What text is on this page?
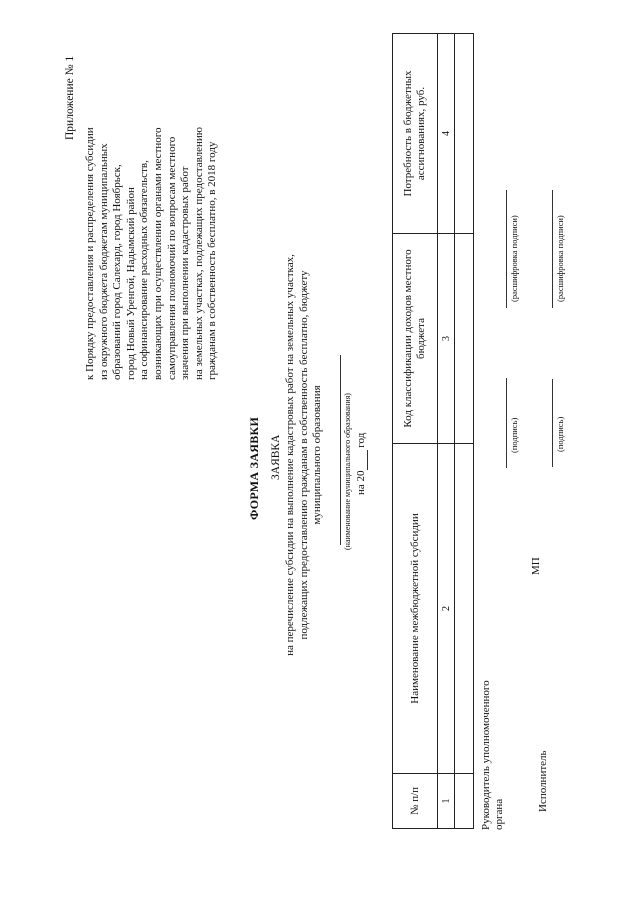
Приложение № 1
к Порядку предоставления и распределения субсидии из окружного бюджета бюджетам муниципальных образований город Салехард, город Ноябрьск, город Новый Уренгой, Надымский район на софинансирование расходных обязательств, возникающих при осуществлении органами местного самоуправления полномочий по вопросам местного значения при выполнении кадастровых работ на земельных участках, подлежащих предоставлению гражданам в собственность бесплатно, в 2018 году
ФОРМА ЗАЯВКИ ЗАЯВКА на перечисление субсидии на выполнение кадастровых работ на земельных участках, подлежащих предоставлению гражданам в собственность бесплатно, бюджету муниципального образования (наименование муниципального образования) на 20  год
№ п/п	Наименование межбюджетной субсидии	Код классификации доходов местного бюджета	Потребность в бюджетных ассигнованиях, руб.
1	2	3	4

Руководитель уполномоченного органа
(подпись)
(расшифровка подписи)
МП
Исполнитель
(подпись)
(расшифровка подписи)
